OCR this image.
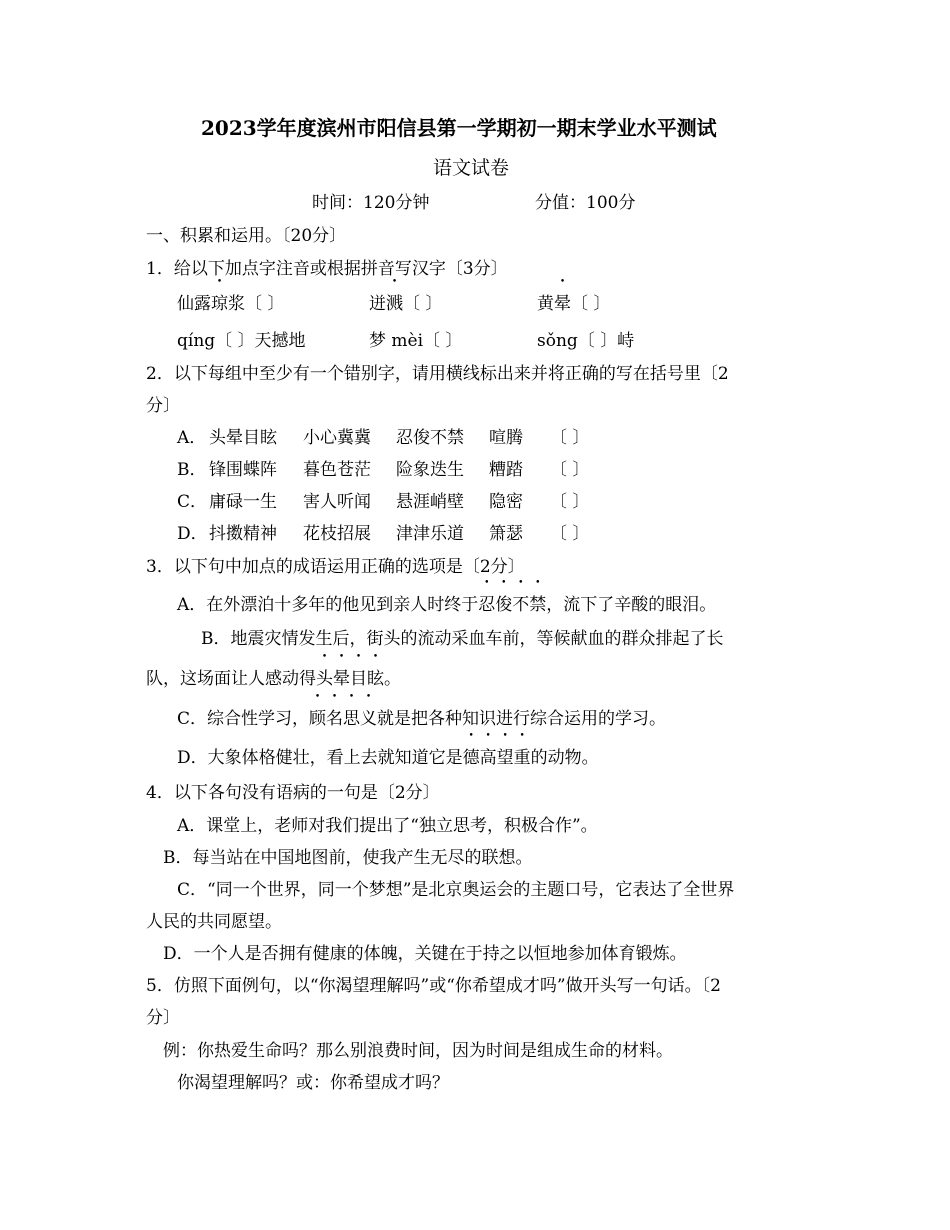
2023学年度滨州市阳信县第一学期初一期末学业水平测试
语文试卷
时间：120分钟	分值：100分
一、积累和运用。〔20分〕
1．给以下加点字注音或根据拼音写汉字〔3分〕
仙露琼浆〔 〕	迸溅〔 〕	黄晕〔 〕
qíng〔 〕天撼地	梦 mèi〔 〕	sǒng〔 〕峙
2．以下每组中至少有一个错别字，请用横线标出来并将正确的写在括号里〔2
分〕
A． 头晕目眩 小心冀冀 忍俊不禁 喧腾 〔 〕
B． 锋围蝶阵 暮色苍茫 险象迭生 糟踏 〔 〕
C． 庸碌一生 害人听闻 悬涯峭壁 隐密 〔 〕
D． 抖擞精神 花枝招展 津津乐道 箫瑟 〔 〕
3．以下句中加点的成语运用正确的选项是〔2分〕
A．在外漂泊十多年的他见到亲人时终于忍俊不禁，流下了辛酸的眼泪。
B．地震灾情发生后，街头的流动采血车前，等候献血的群众排起了长
队，这场面让人感动得头晕目眩。
C．综合性学习，顾名思义就是把各种知识进行综合运用的学习。
D．大象体格健壮，看上去就知道它是德高望重的动物。
4．以下各句没有语病的一句是〔2分〕
A．课堂上，老师对我们提出了“独立思考，积极合作”。
B．每当站在中国地图前，使我产生无尽的联想。
C．“同一个世界，同一个梦想”是北京奥运会的主题口号，它表达了全世界
人民的共同愿望。
D．一个人是否拥有健康的体魄，关键在于持之以恒地参加体育锻炼。
5．仿照下面例句，以“你渴望理解吗”或“你希望成才吗”做开头写一句话。〔2
分〕
例：你热爱生命吗？那么别浪费时间，因为时间是组成生命的材料。
你渴望理解吗？或：你希望成才吗？
